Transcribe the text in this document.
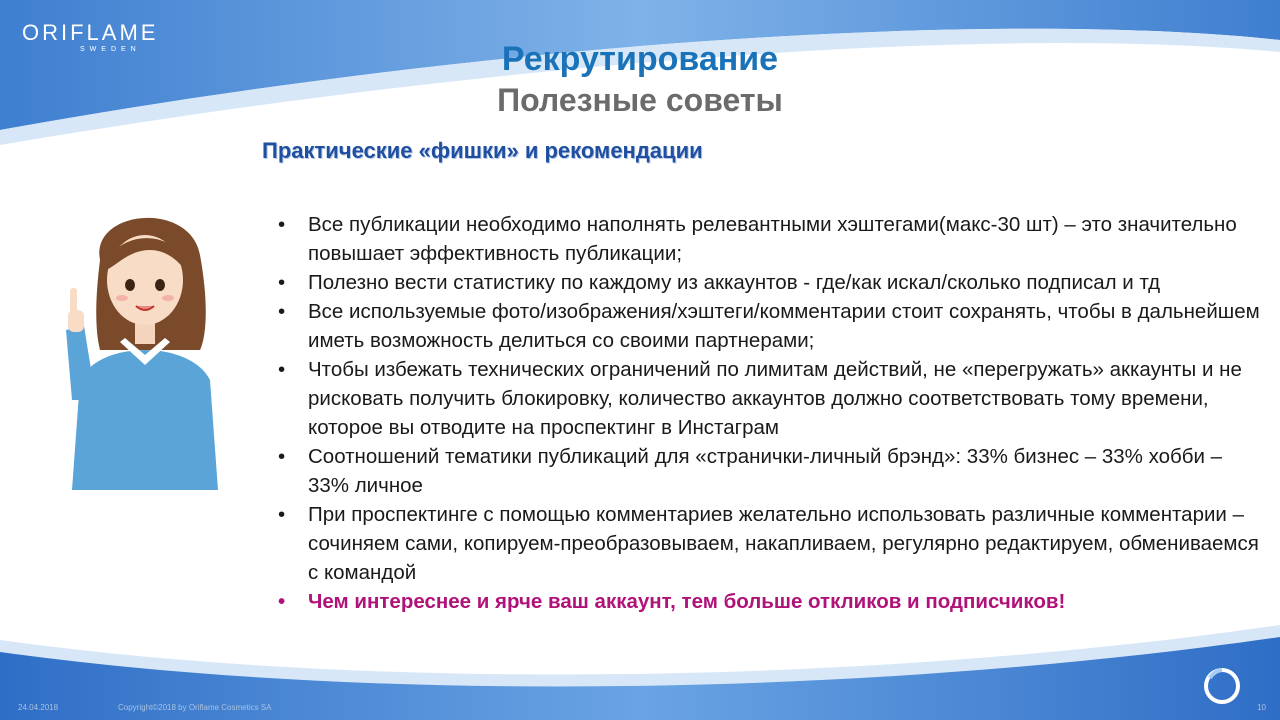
ORIFLAME
SWEDEN	Рекрутирование
Полезные советы
Практические «фишки» и рекомендации
• Все публикации необходимо наполнять релевантными хэштегами(макс-30 шт) – это значительно повышает эффективность публикации;
• Полезно вести статистику по каждому из аккаунтов - где/как искал/сколько подписал и тд
• Все используемые фото/изображения/хэштеги/комментарии стоит сохранять, чтобы в дальнейшем иметь возможность делиться со своими партнерами;
• Чтобы избежать технических ограничений по лимитам действий, не «перегружать» аккаунты и не рисковать получить блокировку, количество аккаунтов должно соответствовать тому времени, которое вы отводите на проспектинг в Инстаграм
• Соотношений тематики публикаций для «странички-личный брэнд»: 33% бизнес – 33% хобби – 33% личное
• При проспектинге с помощью комментариев желательно использовать различные комментарии – сочиняем сами, копируем-преобразовываем, накапливаем, регулярно редактируем, обмениваемся с командой
• Чем интереснее и ярче ваш аккаунт, тем больше откликов и подписчиков!
24.04.2018	Copyright©2018 by Oriflame Cosmetics SA	10
